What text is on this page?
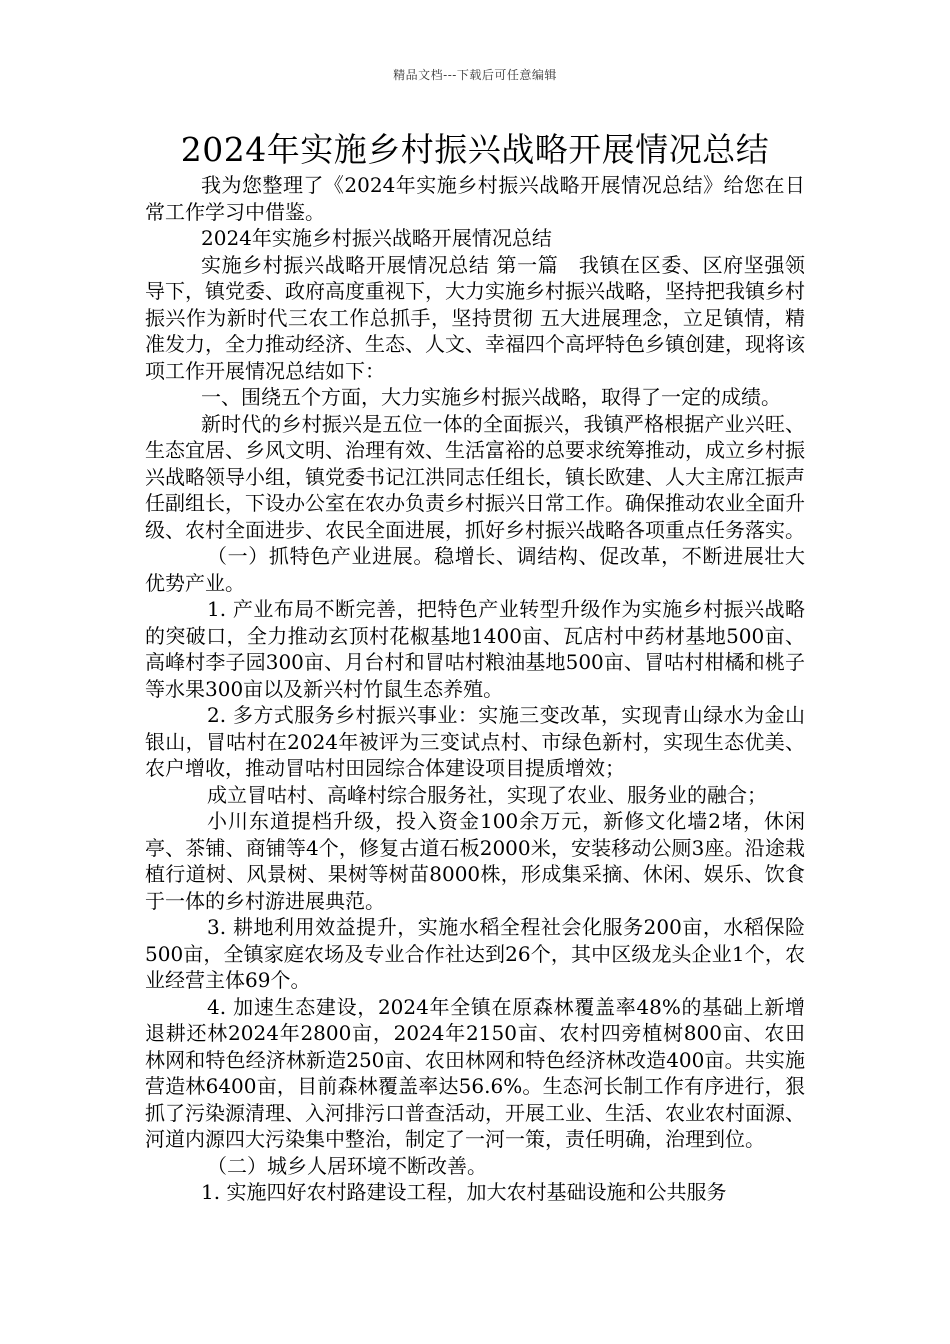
精品文档---下载后可任意编辑
2024年实施乡村振兴战略开展情况总结

我为您整理了《2024年实施乡村振兴战略开展情况总结》给您在日常工作学习中借鉴。

2024年实施乡村振兴战略开展情况总结

实施乡村振兴战略开展情况总结 第一篇　我镇在区委、区府坚强领导下，镇党委、政府高度重视下，大力实施乡村振兴战略，坚持把我镇乡村振兴作为新时代三农工作总抓手，坚持贯彻 五大进展理念，立足镇情，精准发力，全力推动经济、生态、人文、幸福四个高坪特色乡镇创建，现将该项工作开展情况总结如下：

一、围绕五个方面，大力实施乡村振兴战略，取得了一定的成绩。

新时代的乡村振兴是五位一体的全面振兴，我镇严格根据产业兴旺、生态宜居、乡风文明、治理有效、生活富裕的总要求统筹推动，成立乡村振兴战略领导小组，镇党委书记江洪同志任组长，镇长欧建、人大主席江振声任副组长，下设办公室在农办负责乡村振兴日常工作。确保推动农业全面升级、农村全面进步、农民全面进展，抓好乡村振兴战略各项重点任务落实。

（一）抓特色产业进展。稳增长、调结构、促改革，不断进展壮大优势产业。

1. 产业布局不断完善，把特色产业转型升级作为实施乡村振兴战略的突破口，全力推动玄顶村花椒基地1400亩、瓦店村中药材基地500亩、高峰村李子园300亩、月台村和冒咕村粮油基地500亩、冒咕村柑橘和桃子等水果300亩以及新兴村竹鼠生态养殖。

2. 多方式服务乡村振兴事业：实施三变改革，实现青山绿水为金山银山，冒咕村在2024年被评为三变试点村、市绿色新村，实现生态优美、农户增收，推动冒咕村田园综合体建设项目提质增效；

成立冒咕村、高峰村综合服务社，实现了农业、服务业的融合；

小川东道提档升级，投入资金100余万元，新修文化墙2堵，休闲亭、茶铺、商铺等4个，修复古道石板2000米，安装移动公厕3座。沿途栽植行道树、风景树、果树等树苗8000株，形成集采摘、休闲、娱乐、饮食于一体的乡村游进展典范。

3. 耕地利用效益提升，实施水稻全程社会化服务200亩，水稻保险500亩，全镇家庭农场及专业合作社达到26个，其中区级龙头企业1个，农业经营主体69个。

4. 加速生态建设，2024年全镇在原森林覆盖率48%的基础上新增退耕还林2024年2800亩，2024年2150亩、农村四旁植树800亩、农田林网和特色经济林新造250亩、农田林网和特色经济林改造400亩。共实施营造林6400亩，目前森林覆盖率达56.6%。生态河长制工作有序进行，狠抓了污染源清理、入河排污口普查活动，开展工业、生活、农业农村面源、河道内源四大污染集中整治，制定了一河一策，责任明确，治理到位。

（二）城乡人居环境不断改善。

1. 实施四好农村路建设工程，加大农村基础设施和公共服务
